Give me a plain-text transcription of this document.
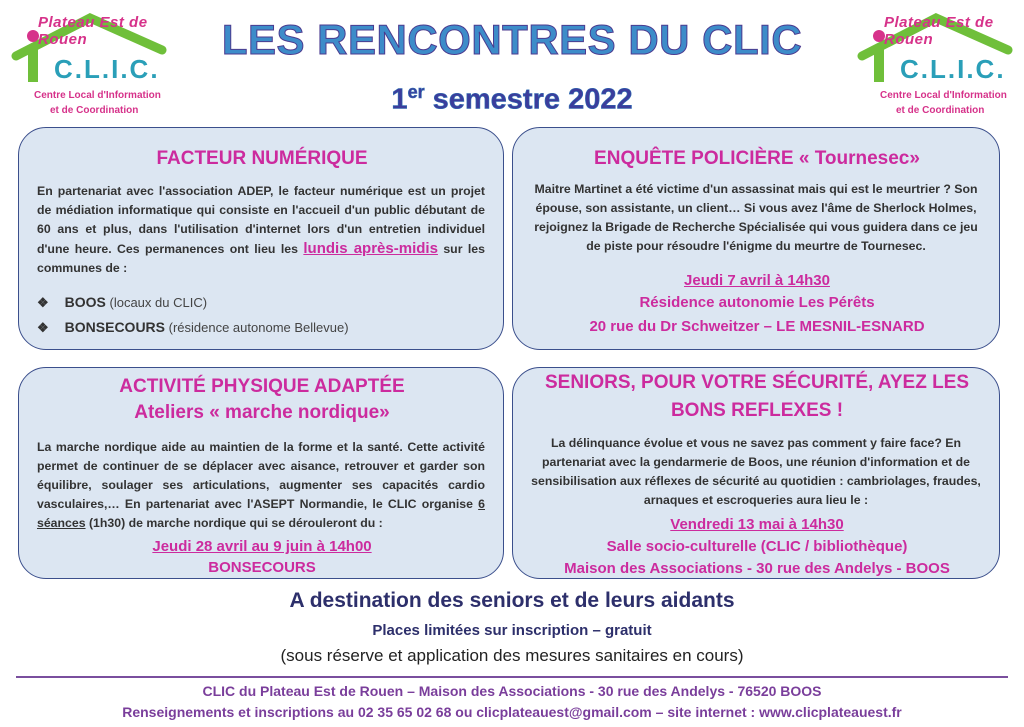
Plateau Est de Rouen
C.L.I.C.
Centre Local d'Information
et de Coordination
Plateau Est de Rouen
C.L.I.C.
Centre Local d'Information
et de Coordination
LES RENCONTRES DU CLIC
1er semestre 2022
FACTEUR NUMÉRIQUE
En partenariat avec l'association ADEP, le facteur numérique est un projet de médiation informatique qui consiste en l'accueil d'un public débutant de 60 ans et plus, dans l'utilisation d'internet lors d'un entretien individuel d'une heure. Ces permanences ont lieu les lundis après-midis sur les communes de :
❖ BOOS (locaux du CLIC)
❖ BONSECOURS (résidence autonome Bellevue)
ENQUÊTE POLICIÈRE « Tournesec»
Maitre Martinet a été victime d'un assassinat mais qui est le meurtrier ? Son épouse, son assistante, un client… Si vous avez l'âme de Sherlock Holmes, rejoignez la Brigade de Recherche Spécialisée qui vous guidera dans ce jeu de piste pour résoudre l'énigme du meurtre de Tournesec.
Jeudi 7 avril à 14h30
Résidence autonomie Les Pérêts
20 rue du Dr Schweitzer – LE MESNIL-ESNARD
ACTIVITÉ PHYSIQUE ADAPTÉE
Ateliers « marche nordique»
La marche nordique aide au maintien de la forme et la santé. Cette activité permet de continuer de se déplacer avec aisance, retrouver et garder son équilibre, soulager ses articulations, augmenter ses capacités cardio vasculaires,… En partenariat avec l'ASEPT Normandie, le CLIC organise 6 séances (1h30) de marche nordique qui se dérouleront du :
Jeudi 28 avril au 9 juin à 14h00
BONSECOURS
SENIORS, POUR VOTRE SÉCURITÉ, AYEZ LES
BONS REFLEXES !
La délinquance évolue et vous ne savez pas comment y faire face? En partenariat avec la gendarmerie de Boos, une réunion d'information et de sensibilisation aux réflexes de sécurité au quotidien : cambriolages, fraudes, arnaques et escroqueries aura lieu le :
Vendredi 13 mai à 14h30
Salle socio-culturelle (CLIC / bibliothèque)
Maison des Associations - 30 rue des Andelys - BOOS
A destination des seniors et de leurs aidants
Places limitées sur inscription – gratuit
(sous réserve et application des mesures sanitaires en cours)
CLIC du Plateau Est de Rouen – Maison des Associations - 30 rue des Andelys - 76520 BOOS
Renseignements et inscriptions au 02 35 65 02 68 ou clicplateauest@gmail.com – site internet : www.clicplateauest.fr
